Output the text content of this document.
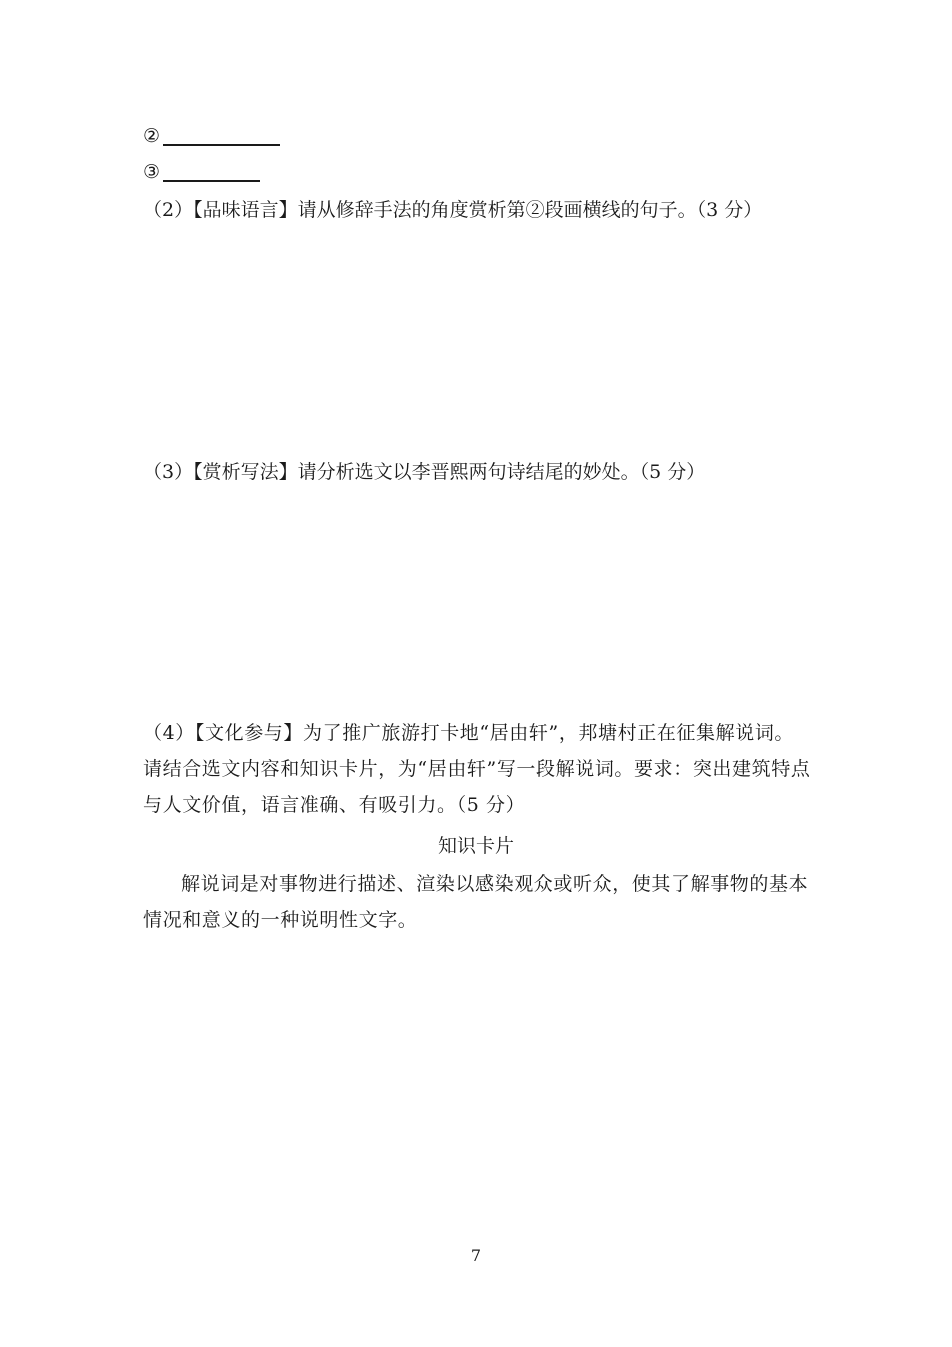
②
③
（2）【品味语言】请从修辞手法的角度赏析第②段画横线的句子。（3 分）
（3）【赏析写法】请分析选文以李晋熙两句诗结尾的妙处。（5 分）
（4）【文化参与】为了推广旅游打卡地“居由轩”，邦塘村正在征集解说词。请结合选文内容和知识卡片，为“居由轩”写一段解说词。要求：突出建筑特点与人文价值，语言准确、有吸引力。（5 分）
知识卡片
解说词是对事物进行描述、渲染以感染观众或听众，使其了解事物的基本情况和意义的一种说明性文字。
7
